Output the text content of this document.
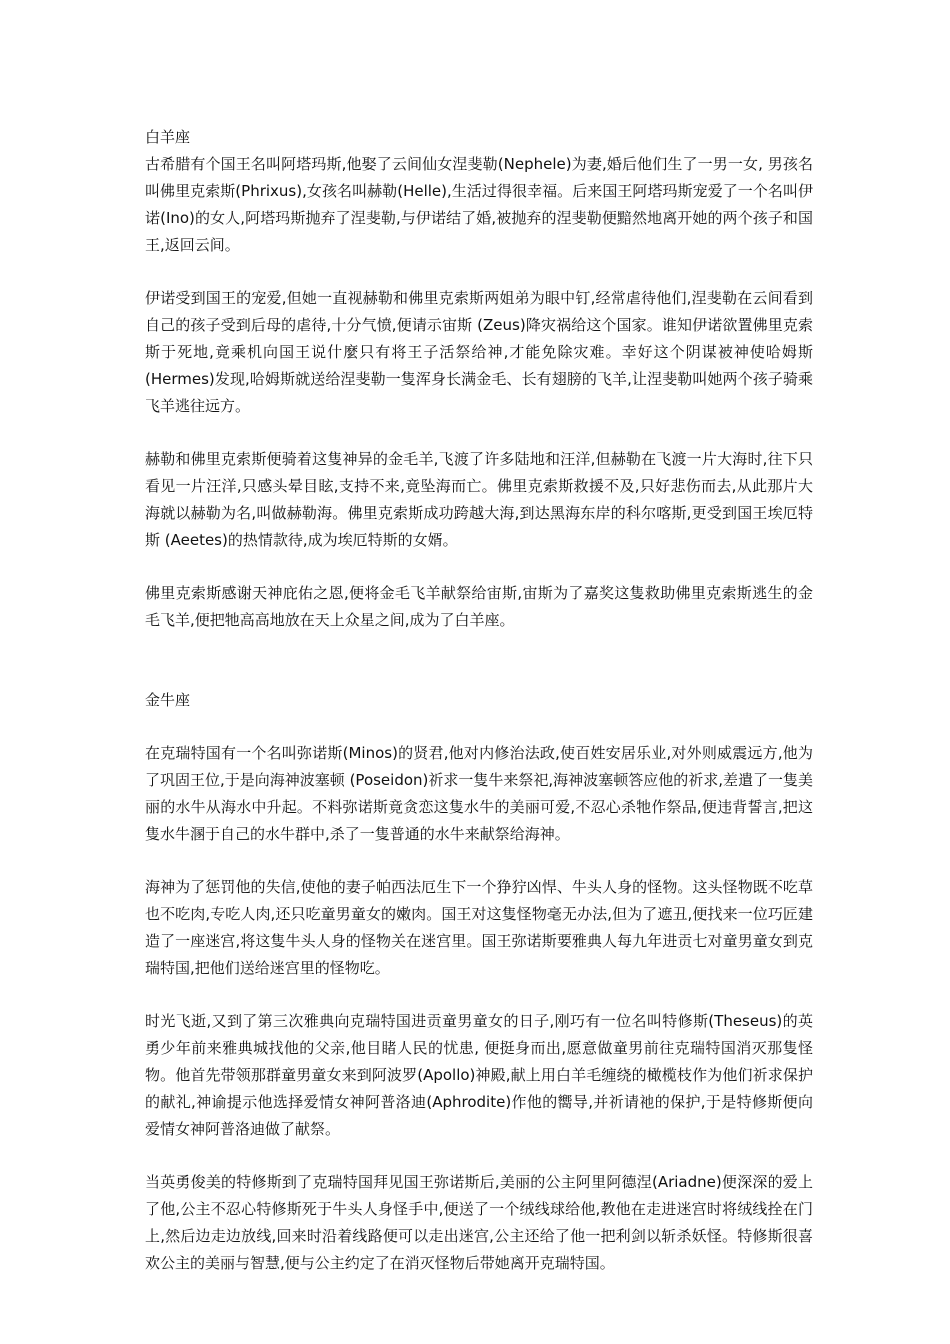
白羊座

古希腊有个国王名叫阿塔玛斯,他娶了云间仙女涅斐勒(Nephele)为妻,婚后他们生了一男一女, 男孩名叫佛里克索斯(Phrixus),女孩名叫赫勒(Helle),生活过得很幸福。后来国王阿塔玛斯宠爱了一个名叫伊诺(Ino)的女人,阿塔玛斯抛弃了涅斐勒,与伊诺结了婚,被抛弃的涅斐勒便黯然地离开她的两个孩子和国王,返回云间。

伊诺受到国王的宠爱,但她一直视赫勒和佛里克索斯两姐弟为眼中钉,经常虐待他们,涅斐勒在云间看到自己的孩子受到后母的虐待,十分气愤,便请示宙斯 (Zeus)降灾祸给这个国家。谁知伊诺欲置佛里克索斯于死地,竟乘机向国王说什麼只有将王子活祭给神,才能免除灾难。幸好这个阴谋被神使哈姆斯 (Hermes)发现,哈姆斯就送给涅斐勒一隻浑身长满金毛、长有翅膀的飞羊,让涅斐勒叫她两个孩子骑乘飞羊逃往远方。

赫勒和佛里克索斯便骑着这隻神异的金毛羊,飞渡了许多陆地和汪洋,但赫勒在飞渡一片大海时,往下只看见一片汪洋,只感头晕目眩,支持不来,竟坠海而亡。佛里克索斯救援不及,只好悲伤而去,从此那片大海就以赫勒为名,叫做赫勒海。佛里克索斯成功跨越大海,到达黑海东岸的科尔喀斯,更受到国王埃厄特斯 (Aeetes)的热情款待,成为埃厄特斯的女婿。

佛里克索斯感谢天神庇佑之恩,便将金毛飞羊献祭给宙斯,宙斯为了嘉奖这隻救助佛里克索斯逃生的金毛飞羊,便把牠高高地放在天上众星之间,成为了白羊座。

金牛座

在克瑞特国有一个名叫弥诺斯(Minos)的贤君,他对内修治法政,使百姓安居乐业,对外则威震远方,他为了巩固王位,于是向海神波塞顿 (Poseidon)祈求一隻牛来祭祀,海神波塞顿答应他的祈求,差遣了一隻美丽的水牛从海水中升起。不料弥诺斯竟贪恋这隻水牛的美丽可爱,不忍心杀牠作祭品,便违背誓言,把这隻水牛溷于自己的水牛群中,杀了一隻普通的水牛来献祭给海神。

海神为了惩罚他的失信,使他的妻子帕西法厄生下一个狰狞凶悍、牛头人身的怪物。这头怪物既不吃草也不吃肉,专吃人肉,还只吃童男童女的嫩肉。国王对这隻怪物毫无办法,但为了遮丑,便找来一位巧匠建造了一座迷宫,将这隻牛头人身的怪物关在迷宫里。国王弥诺斯要雅典人每九年进贡七对童男童女到克瑞特国,把他们送给迷宫里的怪物吃。

时光飞逝,又到了第三次雅典向克瑞特国进贡童男童女的日子,刚巧有一位名叫特修斯(Theseus)的英勇少年前来雅典城找他的父亲,他目睹人民的忧患, 便挺身而出,愿意做童男前往克瑞特国消灭那隻怪物。他首先带领那群童男童女来到阿波罗(Apollo)神殿,献上用白羊毛缠绕的橄榄枝作为他们祈求保护的献礼,神谕提示他选择爱情女神阿普洛迪(Aphrodite)作他的嚮导,并祈请祂的保护,于是特修斯便向爱情女神阿普洛迪做了献祭。

当英勇俊美的特修斯到了克瑞特国拜见国王弥诺斯后,美丽的公主阿里阿德涅(Ariadne)便深深的爱上了他,公主不忍心特修斯死于牛头人身怪手中,便送了一个绒线球给他,教他在走进迷宫时将绒线拴在门上,然后边走边放线,回来时沿着线路便可以走出迷宫,公主还给了他一把利剑以斩杀妖怪。特修斯很喜欢公主的美丽与智慧,便与公主约定了在消灭怪物后带她离开克瑞特国。
